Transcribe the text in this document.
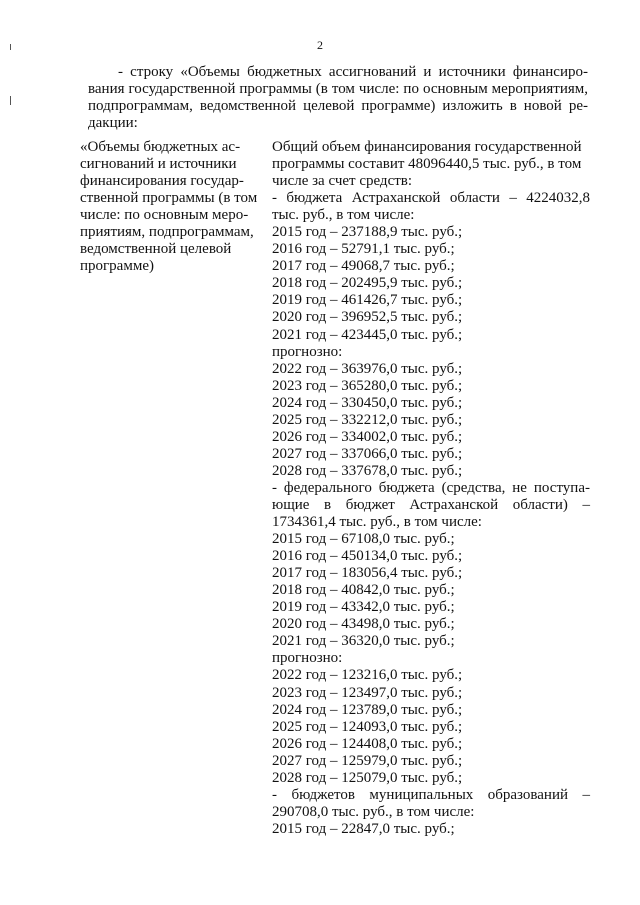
2
- строку «Объемы бюджетных ассигнований и источники финансиро-
вания государственной программы (в том числе: по основным мероприятиям,
подпрограммам, ведомственной целевой программе) изложить в новой ре-
дакции:
«Объемы бюджетных ас-
сигнований и источники
финансирования государ-
ственной программы (в том
числе: по основным меро-
приятиям, подпрограммам,
ведомственной целевой
программе)
Общий объем финансирования государственной
программы составит 48096440,5 тыс. руб., в том
числе за счет средств:
- бюджета Астраханской области – 4224032,8
тыс. руб., в том числе:
2015 год – 237188,9 тыс. руб.;
2016 год – 52791,1 тыс. руб.;
2017 год – 49068,7 тыс. руб.;
2018 год – 202495,9 тыс. руб.;
2019 год – 461426,7 тыс. руб.;
2020 год – 396952,5 тыс. руб.;
2021 год – 423445,0 тыс. руб.;
прогнозно:
2022 год – 363976,0 тыс. руб.;
2023 год – 365280,0 тыс. руб.;
2024 год – 330450,0 тыс. руб.;
2025 год – 332212,0 тыс. руб.;
2026 год – 334002,0 тыс. руб.;
2027 год – 337066,0 тыс. руб.;
2028 год – 337678,0 тыс. руб.;
- федерального бюджета (средства, не поступа-
ющие в бюджет Астраханской области) –
1734361,4 тыс. руб., в том числе:
2015 год – 67108,0 тыс. руб.;
2016 год – 450134,0 тыс. руб.;
2017 год – 183056,4 тыс. руб.;
2018 год – 40842,0 тыс. руб.;
2019 год – 43342,0 тыс. руб.;
2020 год – 43498,0 тыс. руб.;
2021 год – 36320,0 тыс. руб.;
прогнозно:
2022 год – 123216,0 тыс. руб.;
2023 год – 123497,0 тыс. руб.;
2024 год – 123789,0 тыс. руб.;
2025 год – 124093,0 тыс. руб.;
2026 год – 124408,0 тыс. руб.;
2027 год – 125979,0 тыс. руб.;
2028 год – 125079,0 тыс. руб.;
- бюджетов муниципальных образований –
290708,0 тыс. руб., в том числе:
2015 год – 22847,0 тыс. руб.;
